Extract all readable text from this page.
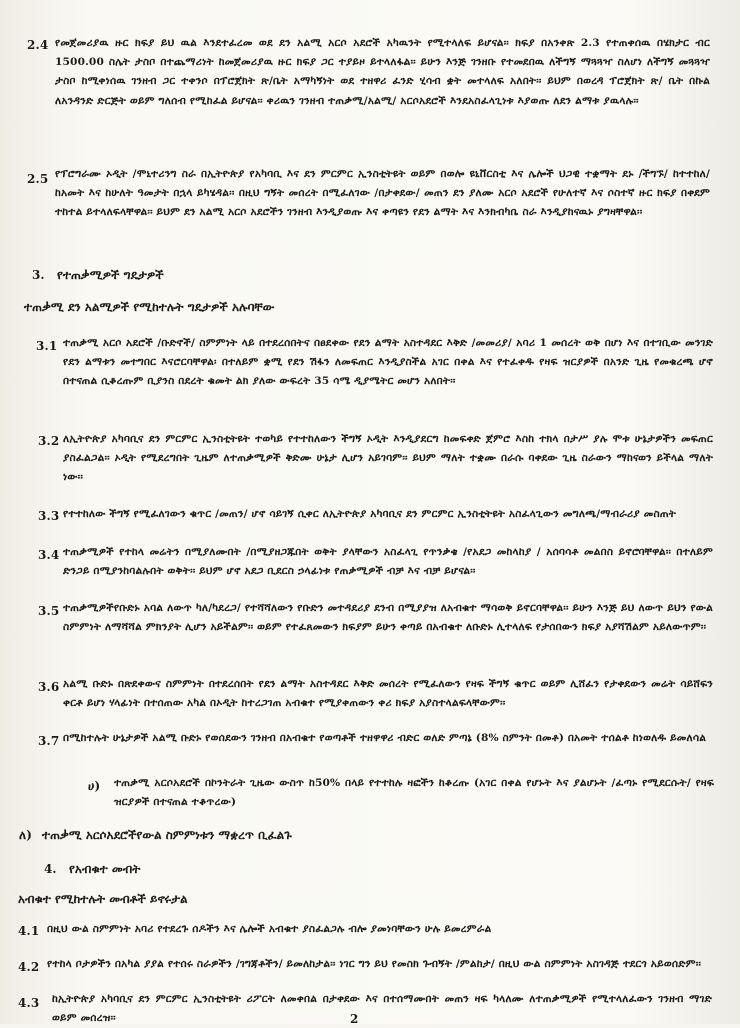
2.4 የመጀመሪያዉ ዙር ክፍያ ይህ ዉል እንደተፈረመ ወደ ደን አልሚ አርሶ አደሮች አካዉንት የሚተላለፍ ይሆናል፡፡ ክፍያ በአንቀጽ 2.3 የተጠቀሰዉ በሄክታር ብር 1500.00 ስሌት ታስቦ በተጨማሪነት ከመጀመሪያዉ ዙር ክፍያ ጋር ተያይዞ ይተላለፋል፡፡ ይሁን እንጅ ገንዘቡ የተመደበዉ ለችግኝ ማጓጓዣ ስለሆነ ለችግኝ መጓጓዣ ታስቦ ከሚቀነሰዉ ገንዘብ ጋር ተቀንሶ በፕሮጀክት ጽ/ቤት አማካኝነት ወደ ተዘዋሪ ፈንድ ሂሳብ ቋት መተላለፍ አለበት፡፡ ይህም በወረዳ ፕሮጀክት ጽ/ ቤት በኩል ለአንዳንድ ድርጅት ወይም ግለሰብ የሚከፈል ይሆናል፡፡ ቀሪዉን ገንዘብ ተጠቃሚ/አልሚ/ አርሶአደሮች እንደአስፈላጊነቱ እያወጡ ለደን ልማቱ ያዉላሉ፡፡
2.5 የፕሮግራሙ ኦዲት /ሞኒተሪንግ ስራ በኢትዮጵያ የአካባቢ እና ደን ምርምር ኢንስቲትዩት ወይም በወሎ ዩኒቨርስቲ እና ሌሎች ህጋዊ ተቋማት ደኑ /ችግኙ/ ከተተከለ/ ከአመት እና ከሁለት ዓመታት በኋላ ይካሄዳል፡፡ በዚህ ግኝት መሰረት በሚፈለገው /በታቀደው/ መጠን ደን ያለሙ አርሶ አደሮች የሁለተኛ እና ሶስተኛ ዙር ክፍያ በቀደም ተከተል ይተላለፍላቸዋል፡፡ ይህም ደን አልሚ አርሶ አደሮችን ገንዘብ እንዲያወጡ እና ቀጣዩን የደን ልማት እና እንክብካቤ ስራ እንዲያከናዉኑ ያግዛቸዋል፡፡
3. የተጠቃሚዎች ግዴታዎች
ተጠቃሚ ደን አልሚዎች የሚከተሉት ግዴታዎች አሉባቸው
3.1 ተጠቃሚ አርሶ አደሮች /ቡድኖች/ ስምምነት ላይ በተደረሰበትና በፀደቀው የደን ልማት አስተዳደር እቅድ /መመሪያ/ አባሪ 1 መሰረት ወቅ በሆነ እና በተገቢው መንገድ የደን ልማቱን መተግበር እናሮርባቸዋል፡ በተለይም ቋሚ የደን ሽፋን ለመፍጠር እንዲያስችል አገር በቀል እና የተፈቀዱ የዛፍ ዝርያዎች በአንድ ጊዜ የመቁረጫ ሆኖ በተናጠል ሲቆረጡም ቢያንስ በደረት ቁመት ልክ ያለው ውፍረት 35 ሳሜ ዲያሜትር መሆን አለበት፡፡
3.2 ለኢትዮጵያ አካባቢና ደን ምርምር ኢንስቲትዩት ተወካይ የተተከለውን ችግኝ ኦዲት እንዲያደርግ ከመፍቀድ ጀምሮ እስከ ተክላ በታሥ ያሉ ሞቱ ሁኔታዎችን መፍጠር ያስፈልጋል፡፡ ኦዲት የሚደረግበት ጊዜም ለተጠቃሚዎች ቅድሙ ሁኔታ ሊሆን አይገባም፡፡ ይህም ማለት ተቋሙ በራሱ ባቀደው ጊዜ ስራውን ማከናወን ይችላል ማለት ነው፡፡
3.3 የተተከለው ችግኝ የሚፈለገውን ቁጥር /መጠን/ ሆኖ ሳይገኝ ሲቀር ለኢትዮጵያ አካባቢና ደን ምርምር ኢንስቲትዩት አስፈላጊውን መግለጫ/ማብራሪያ መስጠት
3.4 ተጠቃሚዎች የተከላ መሬትን በሚያለሙበት /በሚያዘጋጁበት ወቅት ያላቸውን አስፈላጊ የጥንቃቄ /የአደጋ መከላከያ / አሰባሳቶ መልበስ ይኖሮባቸዋል፡፡ በተለይም ድንጋይ በሚያንከባልሉበት ወቅት፡፡ ይህም ሆኖ አደጋ ቢደርስ ኃላፊነቱ የጠቃሚዎች ብቻ እና ብቻ ይሆናል፡፡
3.5 ተጠቃሚዎችየቡድኑ አባል ለውጥ ካለ/ካደረጋ/ የተሻሻለውን የቡድን መተዳደሪያ ደንብ በሚያያዝ ለአብቁተ ማሳወቅ ይኖርባቸዋል፡፡ ይሁን እንጅ ይህ ለውጥ ይህን የውል ስምምነት ለማሻሻል ምክንያት ሊሆን አይችልም፡፡ ወይም የተፈጸመውን ክፍያም ይሁን ቀጣይ በአብቁተ ለቡድኑ ሊተላለፍ የታሰበውን ክፍያ አያሻሽልም አይለውጥም፡፡
3.6 አልሚ ቡድኑ በጽደቀውና ስምምነት በተደረሰበት የደን ልማት አስተዳደር እቅድ መሰረት የሚፈለውን የዛፍ ችግኝ ቁጥር ወይም ሊሸፈን የታቀደውን መሬት ሳይሸፍን ቀርቶ ይሆነ ሃላፊነት በተሰጠው አካል በኦዲት ከተረጋገጠ አብቁተ የሚያቀጠውን ቀሪ ክፍያ አያስተላልፍላቸውም፡፡
3.7 በሚከተሉት ሁኔታዎች አልሚ ቡድኑ የወሰደውን ገንዘብ በአብቁተ የወጣቶች ተዘዋዋሪ ብድር ወለድ ምጣኔ (8% ስምንት በመቶ) በአመት ተሰልቶ ከነወለዱ ይመለሳል
ሀ) ተጠቃሚ አርሶአደሮች በኮንትራት ጊዜው ውስጥ ከ50% በላይ የተተከሉ ዛፎችን ከቆረጡ (አገር በቀል የሆኑት እና ያልሆኑት /ፈጣኑ የሚደርሱት/ የዛፍ ዝርያዎች በተናጠል ተቆጥረው)
ለ) ተጠቃሚ አርሶአደሮችየውል ስምምነቱን ማቋረጥ ቢፈልጉ
4. የአብቁተ መብት
አብቁተ የሚከተሉት መብቶች ይኖሩታል
4.1 በዚህ ውል ስምምነት አባሪ የተደረጉ ሰዶችን እና ሌሎች አብቁተ ያስፈልጋሉ ብሎ ያመነባቸውን ሁሉ ይመረምራል
4.2 የተከላ ቦታዎችን በአካል ያያል የተሰሩ ስራዎችን /ገግጃቶችን/ ይመለከታል፡፡ ነገር ግን ይህ የመስክ ጉብኝት /ምልከታ/ በዚህ ውል ስምምነት አስገዳጅ ተደርጎ አይወሰድም፡፡
4.3 ከኢትዮጵያ አካባቢና ደን ምርምር ኢንስቲትዩት ሪፖርት ለመቀበል በታቀደው እና በተሰማሙበት መጠን ዛፍ ካላለሙ ለተጠቃሚዎች የሚተላለፈውን ገንዘብ ማገድ ወይም መሰረዝ፡፡	2
